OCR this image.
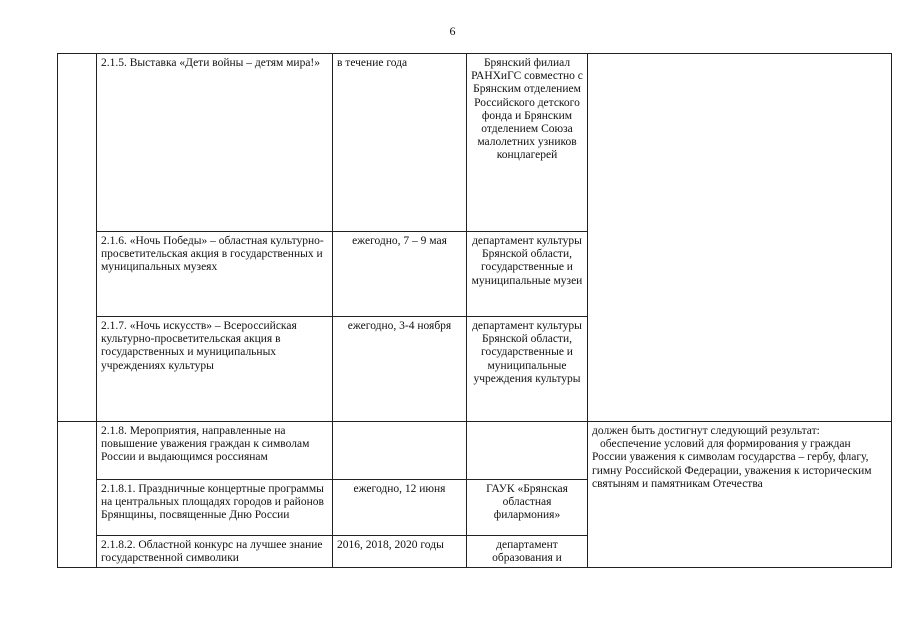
6
	2.1.5. Выставка «Дети войны – детям мира!»	в течение года	Брянский филиал РАНХиГС совместно с Брянским отделением Российского детского фонда и Брянским отделением Союза малолетних узников концлагерей	
	2.1.6. «Ночь Победы» – областная культурно-просветительская акция в государственных и муниципальных музеях	ежегодно, 7 – 9 мая	департамент культуры Брянской области, государственные и муниципальные музеи	
	2.1.7. «Ночь искусств» – Всероссийская культурно-просветительская акция в государственных и муниципальных учреждениях культуры	ежегодно, 3-4 ноября	департамент культуры Брянской области, государственные и муниципальные учреждения культуры	
	2.1.8. Мероприятия, направленные на повышение уважения граждан к символам России и выдающимся россиянам			должен быть достигнут следующий результат:

обеспечение условий для формирования у граждан России уважения к символам государства – гербу, флагу, гимну Российской Федерации, уважения к историческим святыням и памятникам Отечества

	2.1.8.1. Праздничные концертные программы на центральных площадях городов и районов Брянщины, посвященные Дню России	ежегодно, 12 июня	ГАУК «Брянская областная филармония»	
	2.1.8.2. Областной конкурс на лучшее знание государственной символики	2016, 2018, 2020 годы	департамент образования и	
